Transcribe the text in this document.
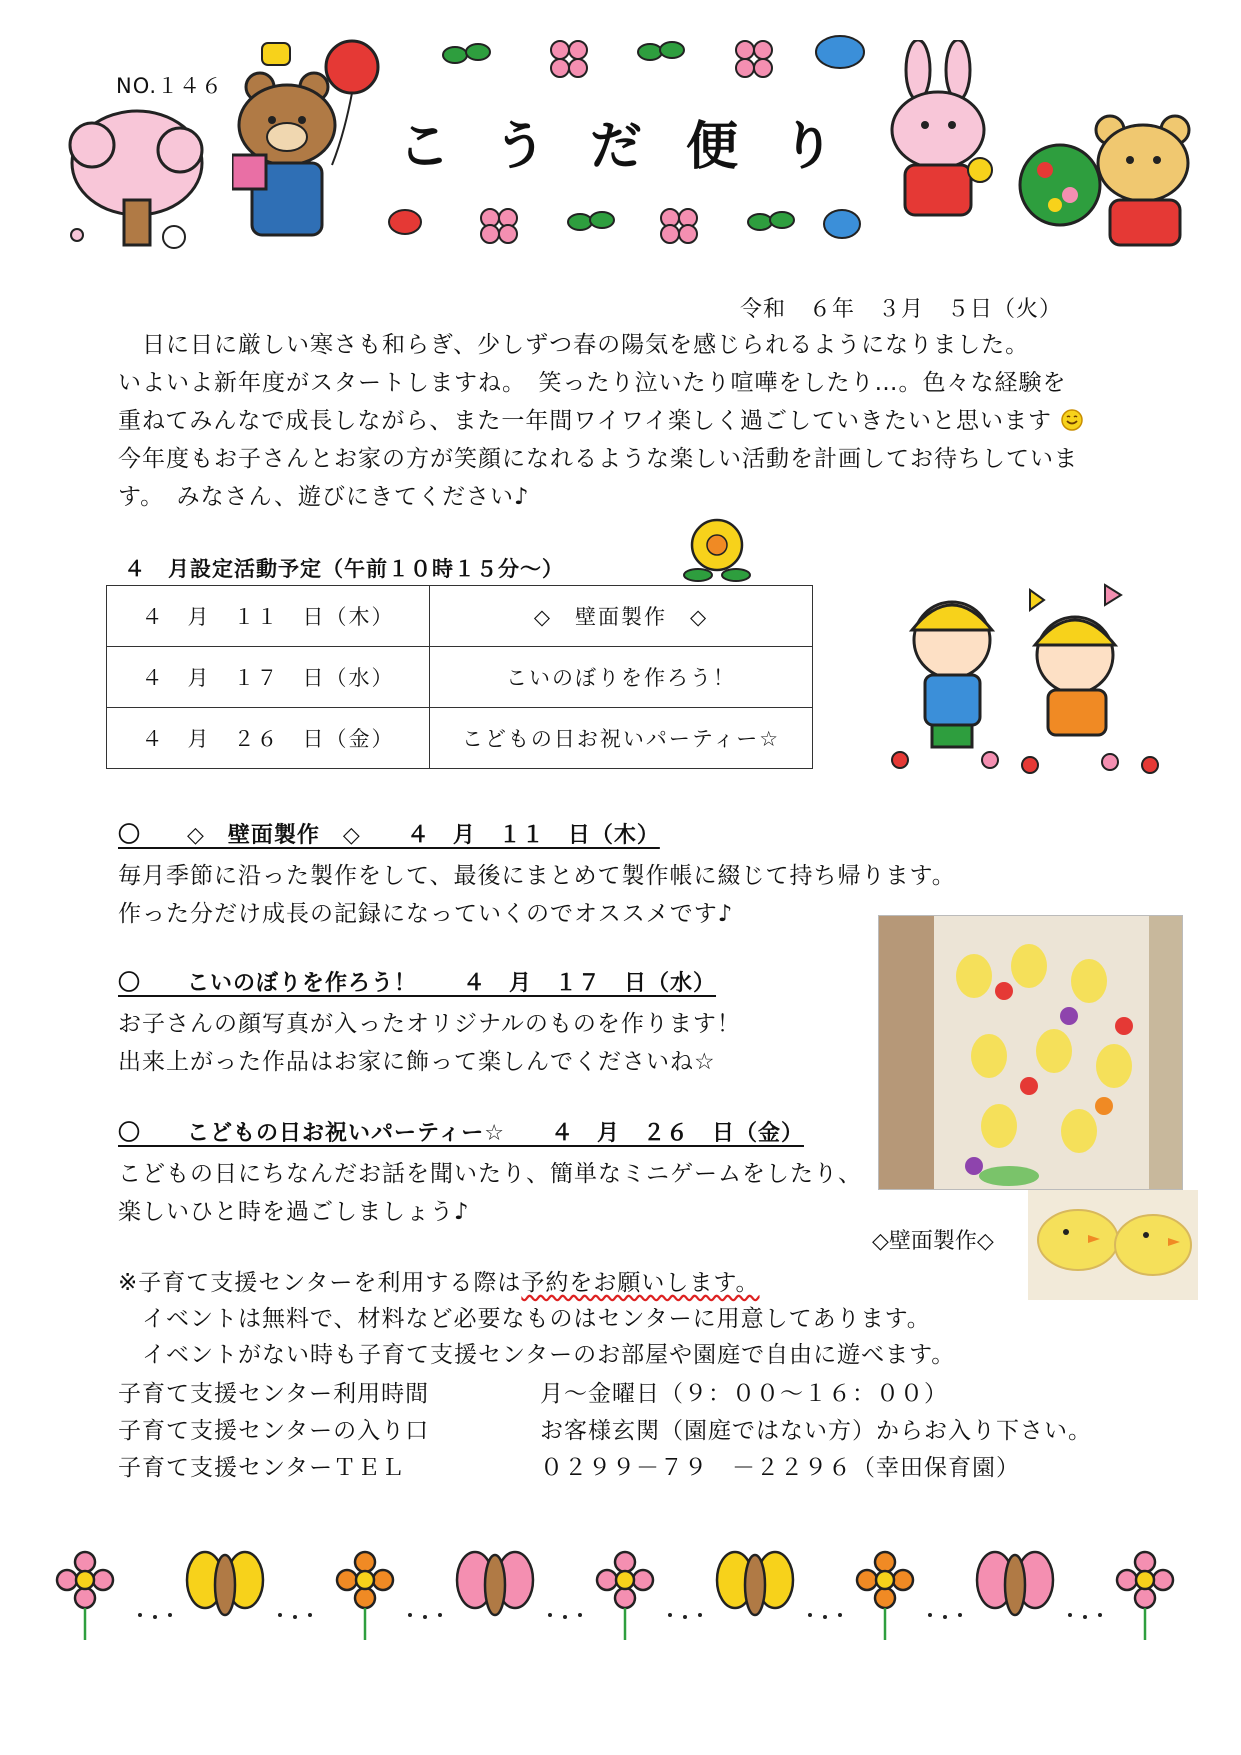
NO.１４６
こうだ便り
令和　６年　３月　５日（火）
　日に日に厳しい寒さも和らぎ、少しずつ春の陽気を感じられるようになりました。
いよいよ新年度がスタートしますね。　笑ったり泣いたり喧嘩をしたり…。色々な経験を
重ねてみんなで成長しながら、また一年間ワイワイ楽しく過ごしていきたいと思います
今年度もお子さんとお家の方が笑顔になれるような楽しい活動を計画してお待ちしていま
す。　みなさん、遊びにきてください♪
４　月設定活動予定（午前１０時１５分～）
４　月　１１　日（木）	◇　壁面製作　◇
４　月　１７　日（水）	こいのぼりを作ろう！
４　月　２６　日（金）	こどもの日お祝いパーティー☆
〇　　◇　壁面製作　◇　　４　月　１１　日（木）
毎月季節に沿った製作をして、最後にまとめて製作帳に綴じて持ち帰ります。
作った分だけ成長の記録になっていくのでオススメです♪
〇　　こいのぼりを作ろう！　　４　月　１７　日（水）
お子さんの顔写真が入ったオリジナルのものを作ります！
出来上がった作品はお家に飾って楽しんでくださいね☆
〇　　こどもの日お祝いパーティー☆　　４　月　２６　日（金）
こどもの日にちなんだお話を聞いたり、簡単なミニゲームをしたり、
楽しいひと時を過ごしましょう♪
◇壁面製作◇
※子育て支援センターを利用する際は予約をお願いします。
　イベントは無料で、材料など必要なものはセンターに用意してあります。
　イベントがない時も子育て支援センターのお部屋や園庭で自由に遊べます。
子育て支援センター利用時間	月～金曜日（９：００～１６：００）
子育て支援センターの入り口	お客様玄関（園庭ではない方）からお入り下さい。
子育て支援センターＴＥＬ	０２９９－７９　－２２９６（幸田保育園）
